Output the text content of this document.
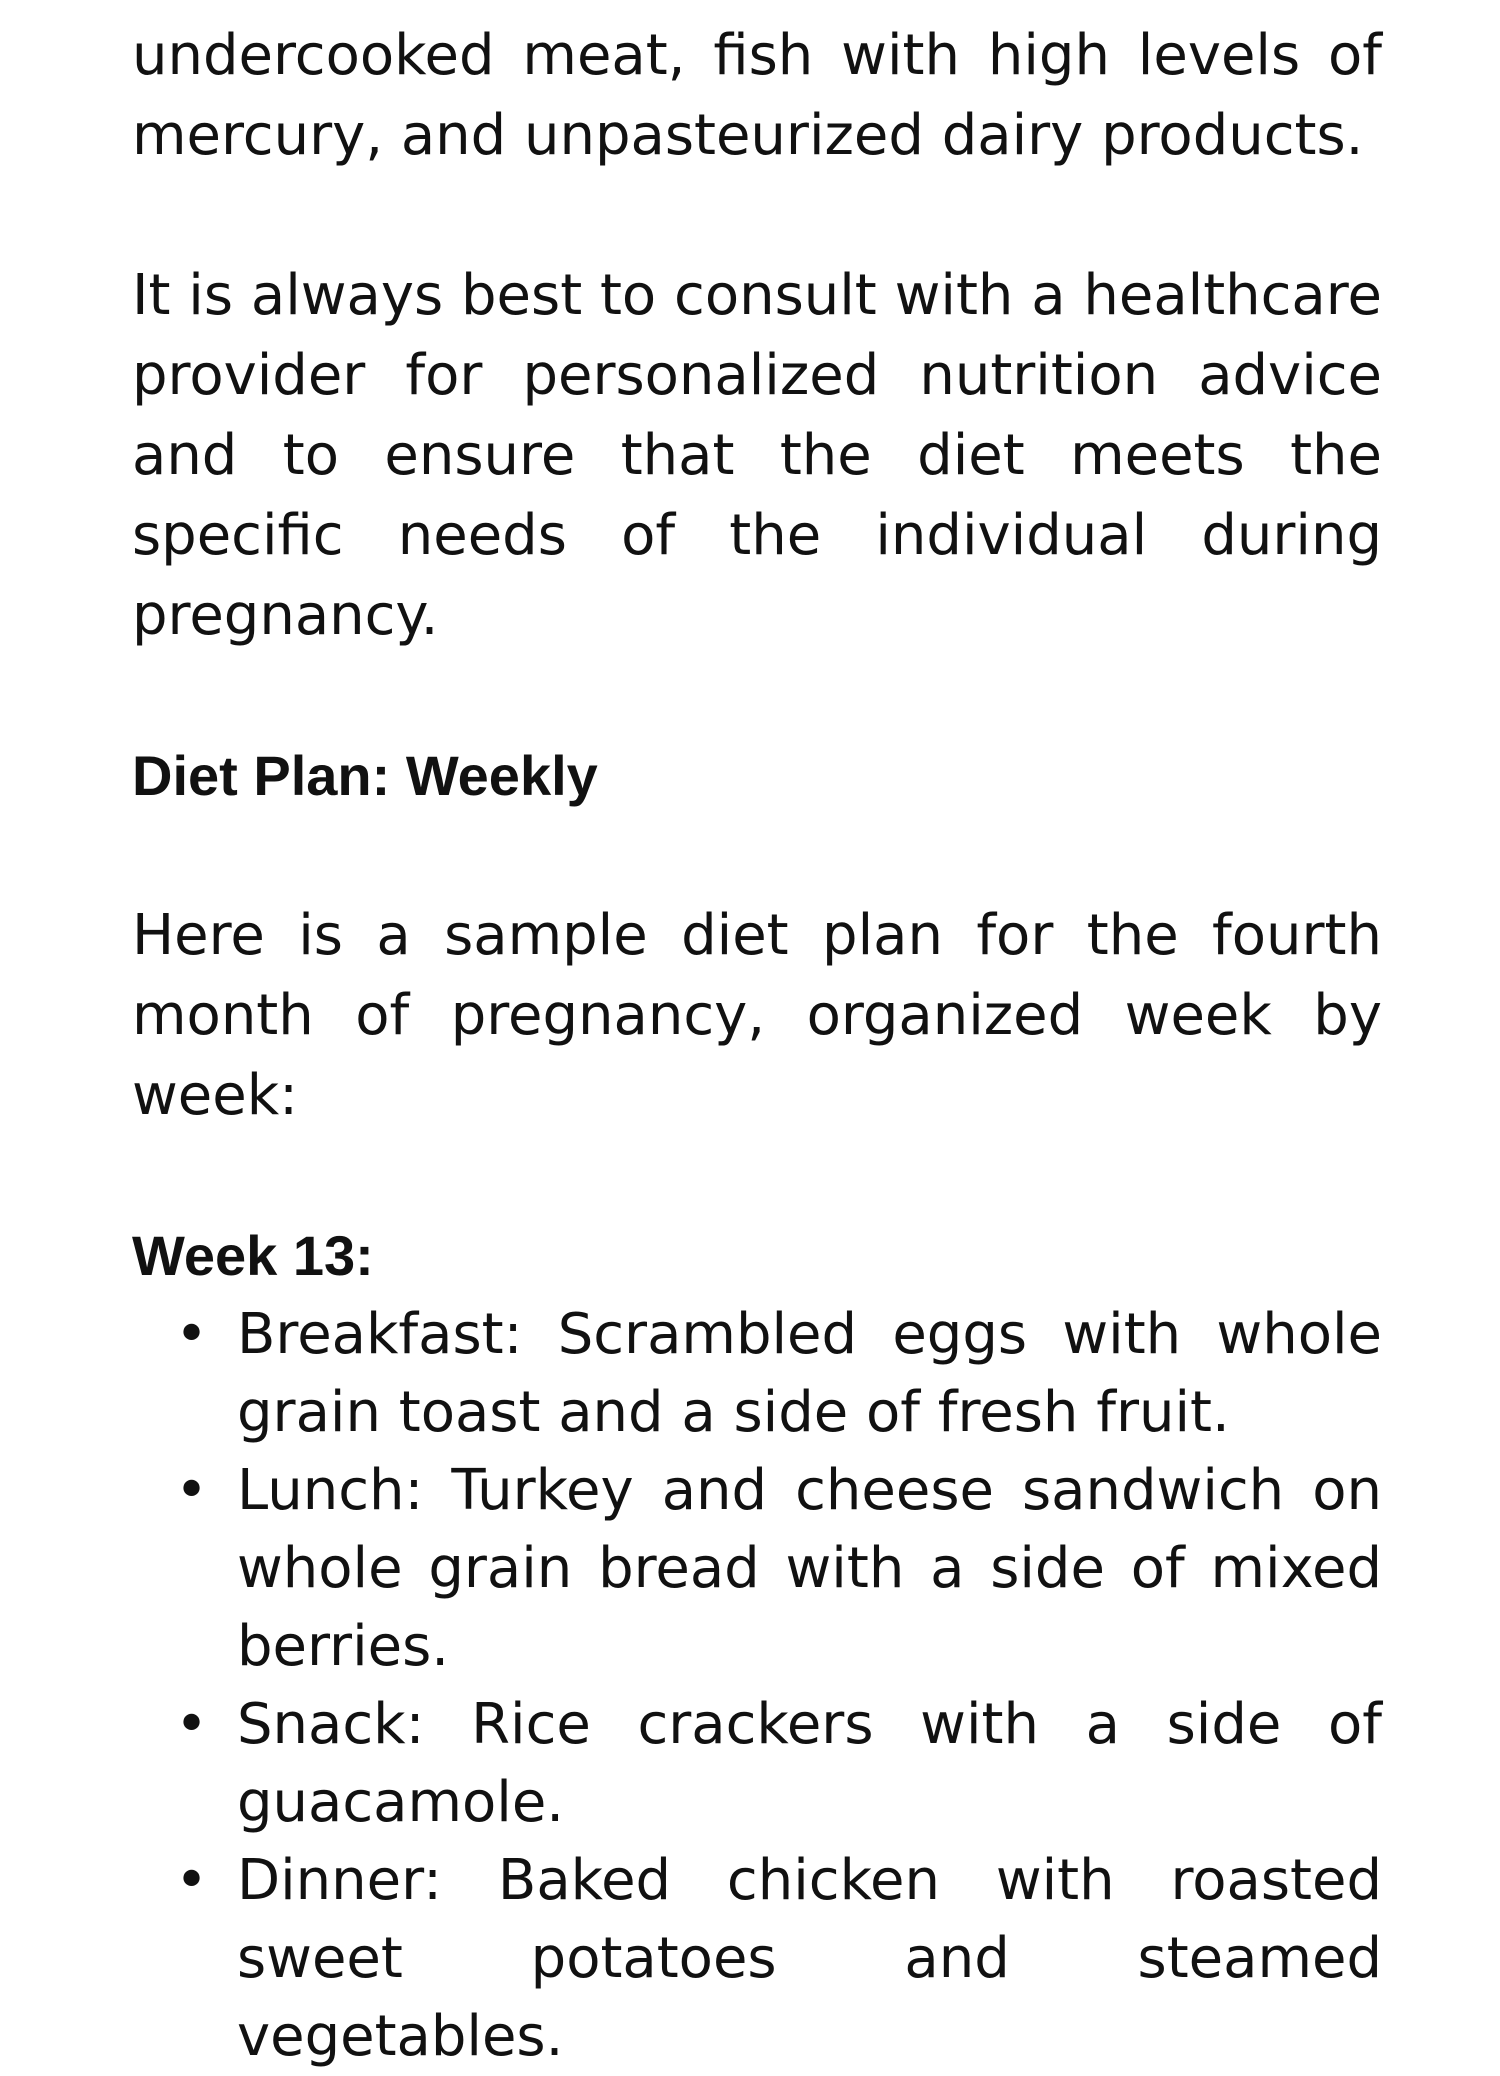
undercooked meat, fish with high levels of mercury, and unpasteurized dairy products.

It is always best to consult with a healthcare provider for personalized nutrition advice and to ensure that the diet meets the specific needs of the individual during pregnancy.

Diet Plan: Weekly

Here is a sample diet plan for the fourth month of pregnancy, organized week by week:

Week 13:
• Breakfast: Scrambled eggs with whole grain toast and a side of fresh fruit.
• Lunch: Turkey and cheese sandwich on whole grain bread with a side of mixed berries.
• Snack: Rice crackers with a side of guacamole.
• Dinner: Baked chicken with roasted sweet potatoes and steamed vegetables.
